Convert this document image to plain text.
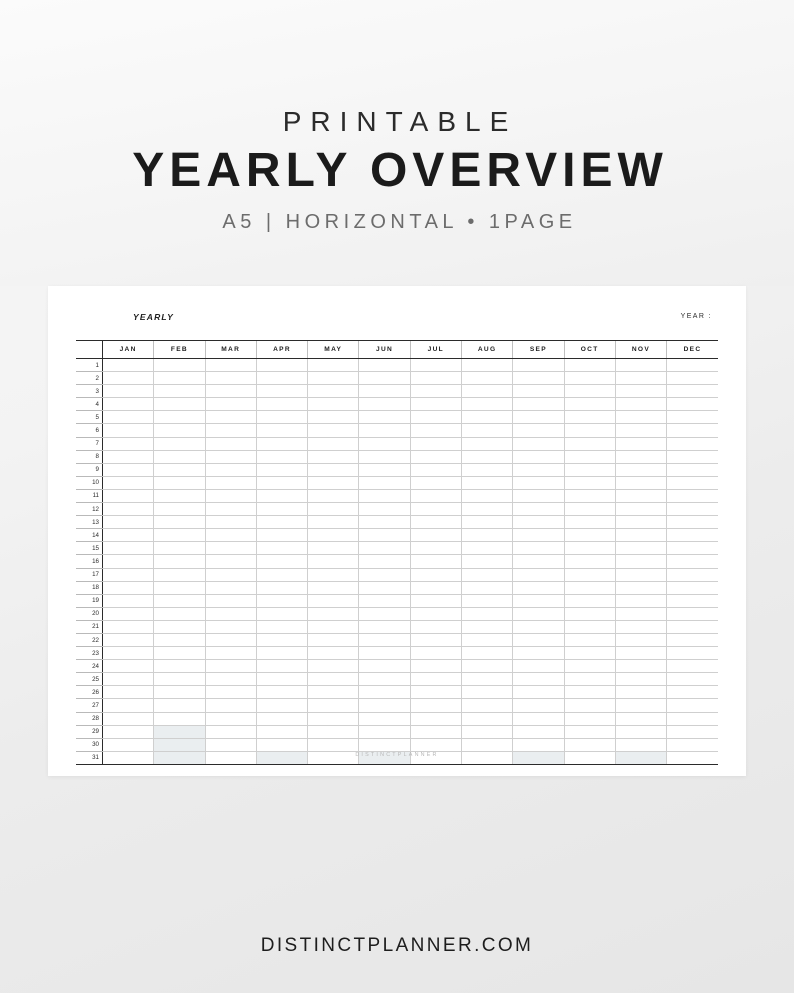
PRINTABLE
YEARLY OVERVIEW
A5 | HORIZONTAL • 1PAGE
YEARLY	YEAR :
	JAN	FEB	MAR	APR	MAY	JUN	JUL	AUG	SEP	OCT	NOV	DEC
1												
2												
3												
4												
5												
6												
7												
8												
9												
10												
11												
12												
13												
14												
15												
16												
17												
18												
19												
20												
21												
22												
23												
24												
25												
26												
27												
28												
29												
30												
31													DISTINCTPLANNER
DISTINCTPLANNER.COM
